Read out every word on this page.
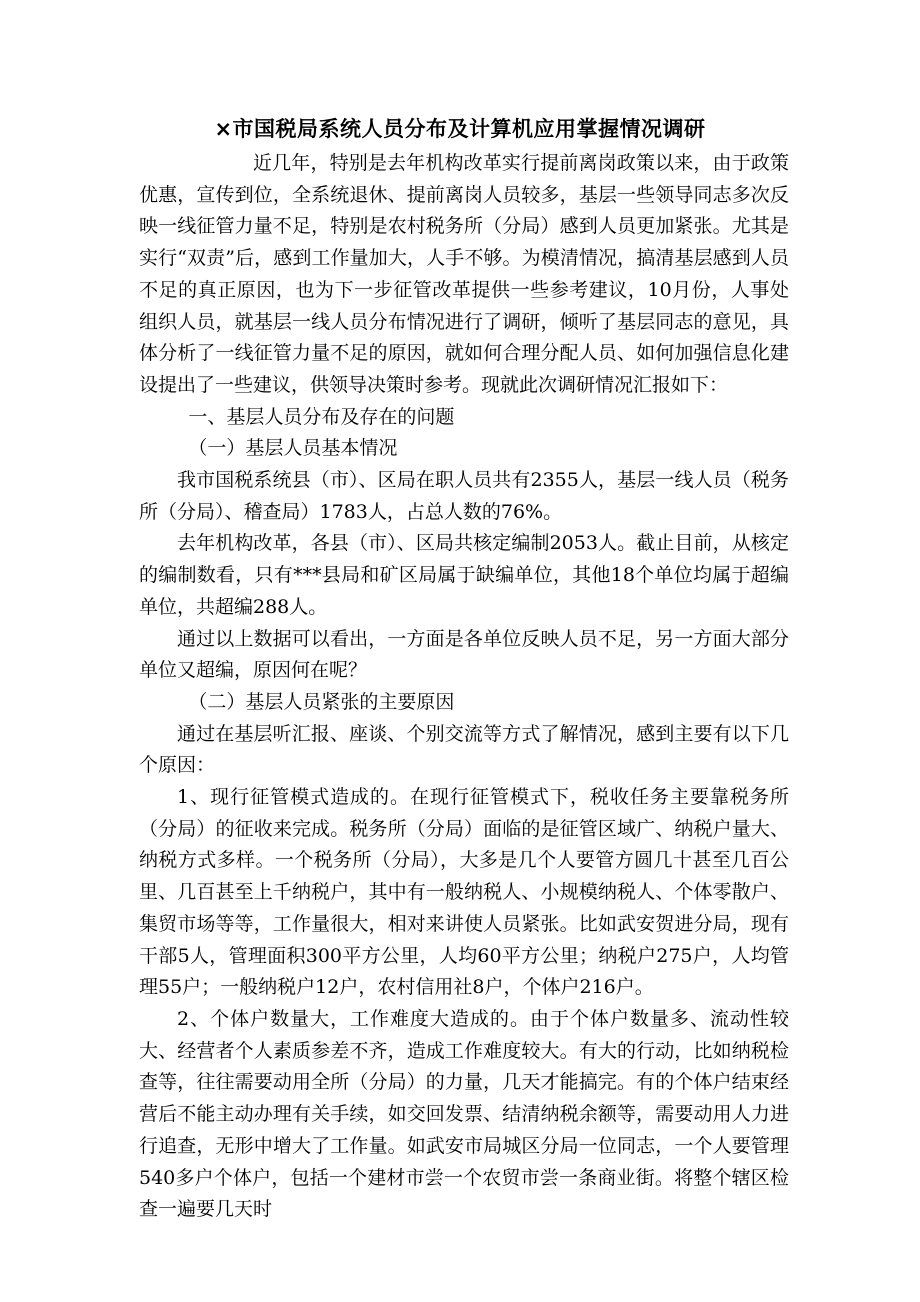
×市国税局系统人员分布及计算机应用掌握情况调研

近几年，特别是去年机构改革实行提前离岗政策以来，由于政策优惠，宣传到位，全系统退休、提前离岗人员较多，基层一些领导同志多次反映一线征管力量不足，特别是农村税务所（分局）感到人员更加紧张。尤其是实行“双责”后，感到工作量加大，人手不够。为模清情况，搞清基层感到人员不足的真正原因，也为下一步征管改革提供一些参考建议，10月份，人事处组织人员，就基层一线人员分布情况进行了调研，倾听了基层同志的意见，具体分析了一线征管力量不足的原因，就如何合理分配人员、如何加强信息化建设提出了一些建议，供领导决策时参考。现就此次调研情况汇报如下：

一、基层人员分布及存在的问题

（一）基层人员基本情况

我市国税系统县（市）、区局在职人员共有2355人，基层一线人员（税务所（分局）、稽查局）1783人，占总人数的76%。

去年机构改革，各县（市）、区局共核定编制2053人。截止目前，从核定的编制数看，只有***县局和矿区局属于缺编单位，其他18个单位均属于超编单位，共超编288人。

通过以上数据可以看出，一方面是各单位反映人员不足，另一方面大部分单位又超编，原因何在呢？

（二）基层人员紧张的主要原因

通过在基层听汇报、座谈、个别交流等方式了解情况，感到主要有以下几个原因：

1、现行征管模式造成的。在现行征管模式下，税收任务主要靠税务所（分局）的征收来完成。税务所（分局）面临的是征管区域广、纳税户量大、纳税方式多样。一个税务所（分局），大多是几个人要管方圆几十甚至几百公里、几百甚至上千纳税户，其中有一般纳税人、小规模纳税人、个体零散户、集贸市场等等，工作量很大，相对来讲使人员紧张。比如武安贺进分局，现有干部5人，管理面积300平方公里，人均60平方公里；纳税户275户，人均管理55户；一般纳税户12户，农村信用社8户，个体户216户。

2、个体户数量大，工作难度大造成的。由于个体户数量多、流动性较大、经营者个人素质参差不齐，造成工作难度较大。有大的行动，比如纳税检查等，往往需要动用全所（分局）的力量，几天才能搞完。有的个体户结束经营后不能主动办理有关手续，如交回发票、结清纳税余额等，需要动用人力进行追查，无形中增大了工作量。如武安市局城区分局一位同志，一个人要管理540多户个体户，包括一个建材市尝一个农贸市尝一条商业街。将整个辖区检查一遍要几天时
